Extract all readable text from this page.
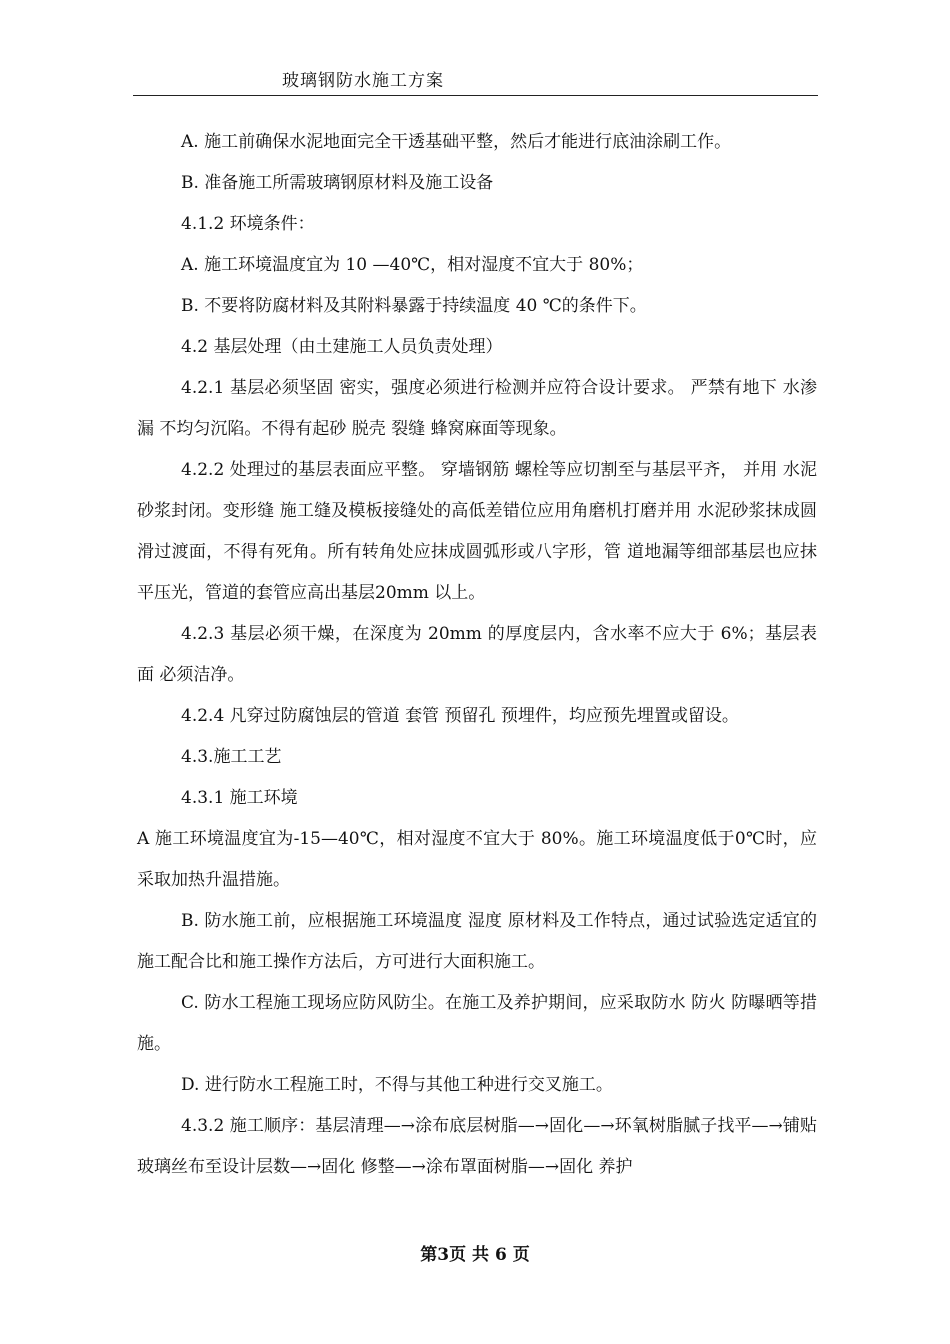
玻璃钢防水施工方案

A. 施工前确保水泥地面完全干透基础平整，然后才能进行底油涂刷工作。

B. 准备施工所需玻璃钢原材料及施工设备

4.1.2 环境条件：

A. 施工环境温度宜为 10 —40℃，相对湿度不宜大于 80%；

B. 不要将防腐材料及其附料暴露于持续温度 40 ℃的条件下。

4.2 基层处理（由土建施工人员负责处理）

4.2.1 基层必须坚固 密实，强度必须进行检测并应符合设计要求。 严禁有地下 水渗漏 不均匀沉陷。不得有起砂 脱壳 裂缝 蜂窝麻面等现象。

4.2.2 处理过的基层表面应平整。 穿墙钢筋 螺栓等应切割至与基层平齐， 并用 水泥砂浆封闭。变形缝 施工缝及模板接缝处的高低差错位应用角磨机打磨并用 水泥砂浆抹成圆滑过渡面，不得有死角。所有转角处应抹成圆弧形或八字形，管 道地漏等细部基层也应抹平压光，管道的套管应高出基层20mm 以上。

4.2.3 基层必须干燥，在深度为 20mm 的厚度层内，含水率不应大于 6%；基层表面 必须洁净。

4.2.4 凡穿过防腐蚀层的管道 套管 预留孔 预埋件，均应预先埋置或留设。

4.3.施工工艺

4.3.1 施工环境

A 施工环境温度宜为-15—40℃，相对湿度不宜大于 80%。施工环境温度低于0℃时，应采取加热升温措施。

B. 防水施工前，应根据施工环境温度 湿度 原材料及工作特点，通过试验选定适宜的施工配合比和施工操作方法后，方可进行大面积施工。

C. 防水工程施工现场应防风防尘。在施工及养护期间，应采取防水 防火 防曝晒等措施。

D. 进行防水工程施工时，不得与其他工种进行交叉施工。

4.3.2 施工顺序：基层清理—→涂布底层树脂—→固化—→环氧树脂腻子找平—→铺贴玻璃丝布至设计层数—→固化 修整—→涂布罩面树脂—→固化 养护

第3页 共 6 页
